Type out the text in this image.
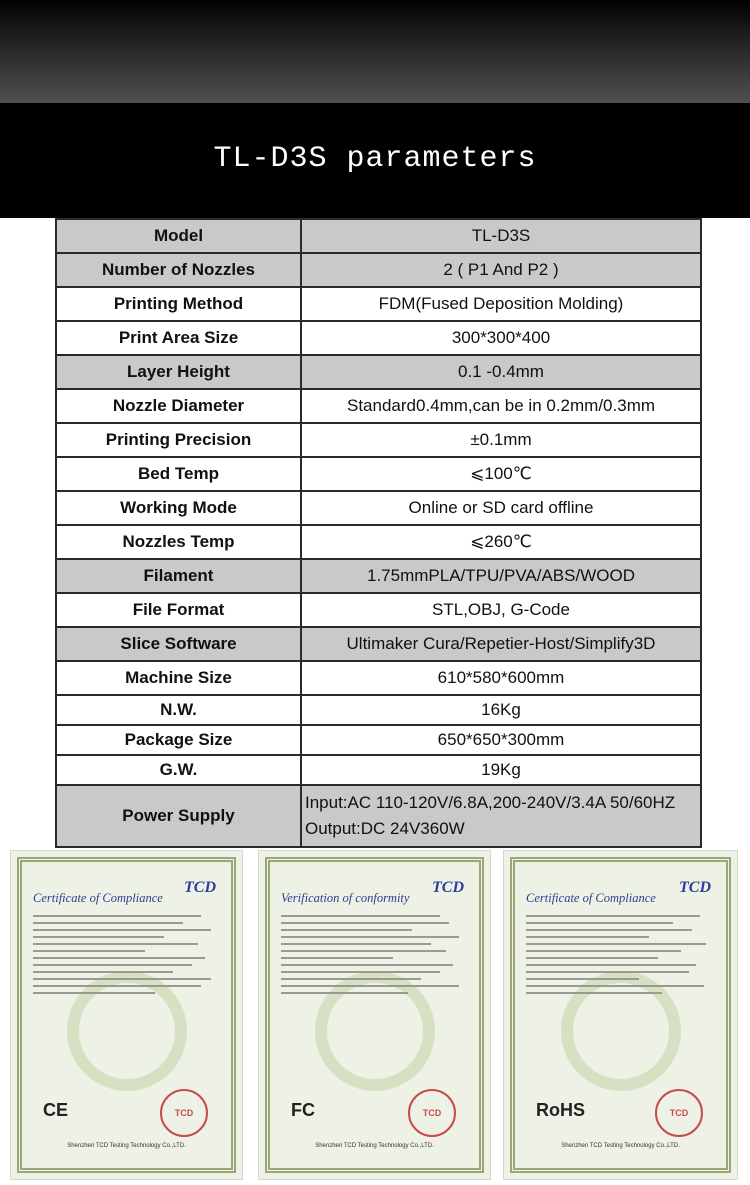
TL-D3S parameters
Model	TL-D3S
Number of Nozzles	2 ( P1 And P2 )
Printing Method	FDM(Fused Deposition Molding)
Print Area Size	300*300*400
Layer Height	0.1 -0.4mm
Nozzle Diameter	Standard0.4mm,can be in 0.2mm/0.3mm
Printing Precision	±0.1mm
Bed Temp	⩽100℃
Working Mode	Online or SD card offline
Nozzles Temp	⩽260℃
Filament	1.75mmPLA/TPU/PVA/ABS/WOOD
File Format	STL,OBJ, G-Code
Slice Software	Ultimaker Cura/Repetier-Host/Simplify3D
Machine Size	610*580*600mm
N.W.	16Kg
Package Size	650*650*300mm
G.W.	19Kg
Power Supply	Input:AC 110-120V/6.8A,200-240V/3.4A 50/60HZ
Output:DC 24V360W
TCD
Certificate of Compliance
CE	TCD
Shenzhen TCD Testing Technology Co.,LTD.
TCD
Verification of conformity
FC	TCD
Shenzhen TCD Testing Technology Co.,LTD.
TCD
Certificate of Compliance
RoHS	TCD
Shenzhen TCD Testing Technology Co.,LTD.
